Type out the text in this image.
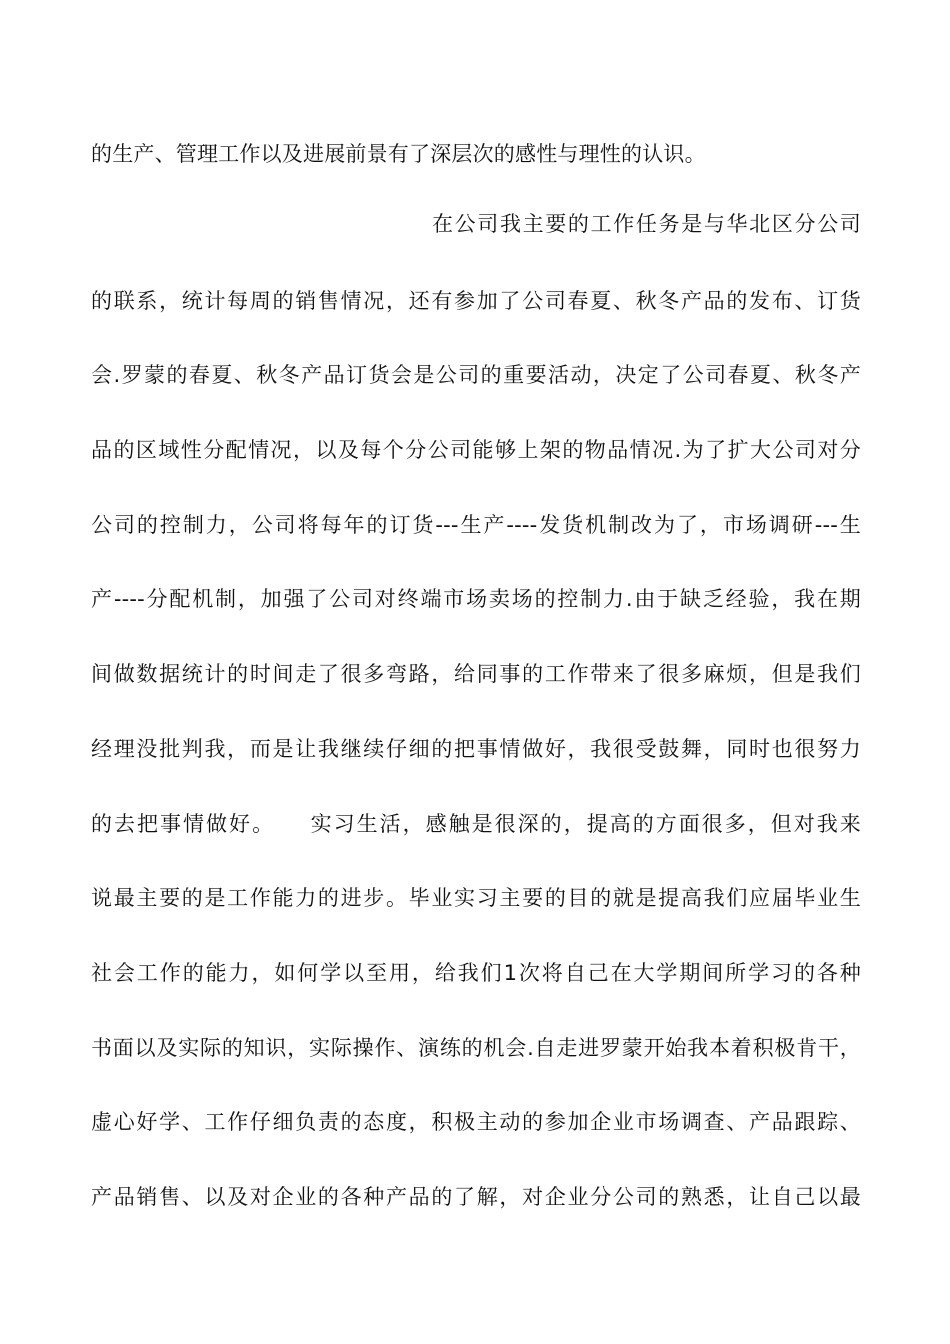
的生产、管理工作以及进展前景有了深层次的感性与理性的认识。
在公司我主要的工作任务是与华北区分公司
的联系，统计每周的销售情况，还有参加了公司春夏、秋冬产品的发布、订货
会.罗蒙的春夏、秋冬产品订货会是公司的重要活动，决定了公司春夏、秋冬产
品的区域性分配情况，以及每个分公司能够上架的物品情况.为了扩大公司对分
公司的控制力，公司将每年的订货---生产----发货机制改为了，市场调研---生
产----分配机制，加强了公司对终端市场卖场的控制力.由于缺乏经验，我在期
间做数据统计的时间走了很多弯路，给同事的工作带来了很多麻烦，但是我们
经理没批判我，而是让我继续仔细的把事情做好，我很受鼓舞，同时也很努力
的去把事情做好。　　实习生活，感触是很深的，提高的方面很多，但对我来
说最主要的是工作能力的进步。毕业实习主要的目的就是提高我们应届毕业生
社会工作的能力，如何学以至用，给我们1次将自己在大学期间所学习的各种
书面以及实际的知识，实际操作、演练的机会.自走进罗蒙开始我本着积极肯干，
虚心好学、工作仔细负责的态度，积极主动的参加企业市场调查、产品跟踪、
产品销售、以及对企业的各种产品的了解，对企业分公司的熟悉，让自己以最
